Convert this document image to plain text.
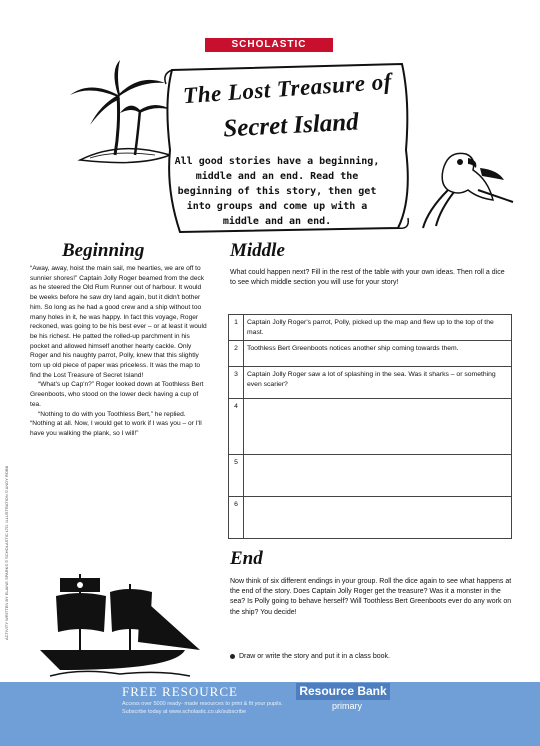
SCHOLASTIC
The Lost Treasure of
Secret Island
All good stories have a beginning, middle and an end. Read the beginning of this story, then get into groups and come up with a middle and an end.
Beginning

“Away, away, hoist the main sail, me hearties, we are off to sunnier shores!” Captain Jolly Roger beamed from the deck as he steered the Old Rum Runner out of harbour. It would be weeks before he saw dry land again, but it didn't bother him. So long as he had a good crew and a ship without too many holes in it, he was happy. In fact this voyage, Roger reckoned, was going to be his best ever – or at least it would be his richest. He patted the rolled-up parchment in his pocket and allowed himself another hearty cackle. Only Roger and his naughty parrot, Polly, knew that this slightly torn up old piece of paper was priceless. It was the map to find the Lost Treasure of Secret Island!

“What's up Cap'n?” Roger looked down at Toothless Bert Greenboots, who stood on the lower deck having a cup of tea.

“Nothing to do with you Toothless Bert,” he replied. “Nothing at all. Now, I would get to work if I was you – or I'll have you walking the plank, so I will!”

Middle
What could happen next? Fill in the rest of the table with your own ideas. Then roll a dice to see which middle section you will use for your story!
1	Captain Jolly Roger's parrot, Polly, picked up the map and flew up to the top of the mast.
2	Toothless Bert Greenboots notices another ship coming towards them.
3	Captain Jolly Roger saw a lot of splashing in the sea. Was it sharks – or something even scarier?
4	
5	
6	
End
Now think of six different endings in your group. Roll the dice again to see what happens at the end of the story. Does Captain Jolly Roger get the treasure? Was it a monster in the sea? Is Polly going to behave herself? Will Toothless Bert Greenboots ever do any work on the ship? You decide!
Draw or write the story and put it in a class book.
ACTIVITY WRITTEN BY ELAINE SPARKS © SCHOLASTIC LTD. ILLUSTRATION © ANDY ROBB
FREE RESOURCE
Access over 5000 ready- made resources to print & fit your pupils.
Subscribe today at www.scholastic.co.uk/subscribe
Resource Bank
primary
